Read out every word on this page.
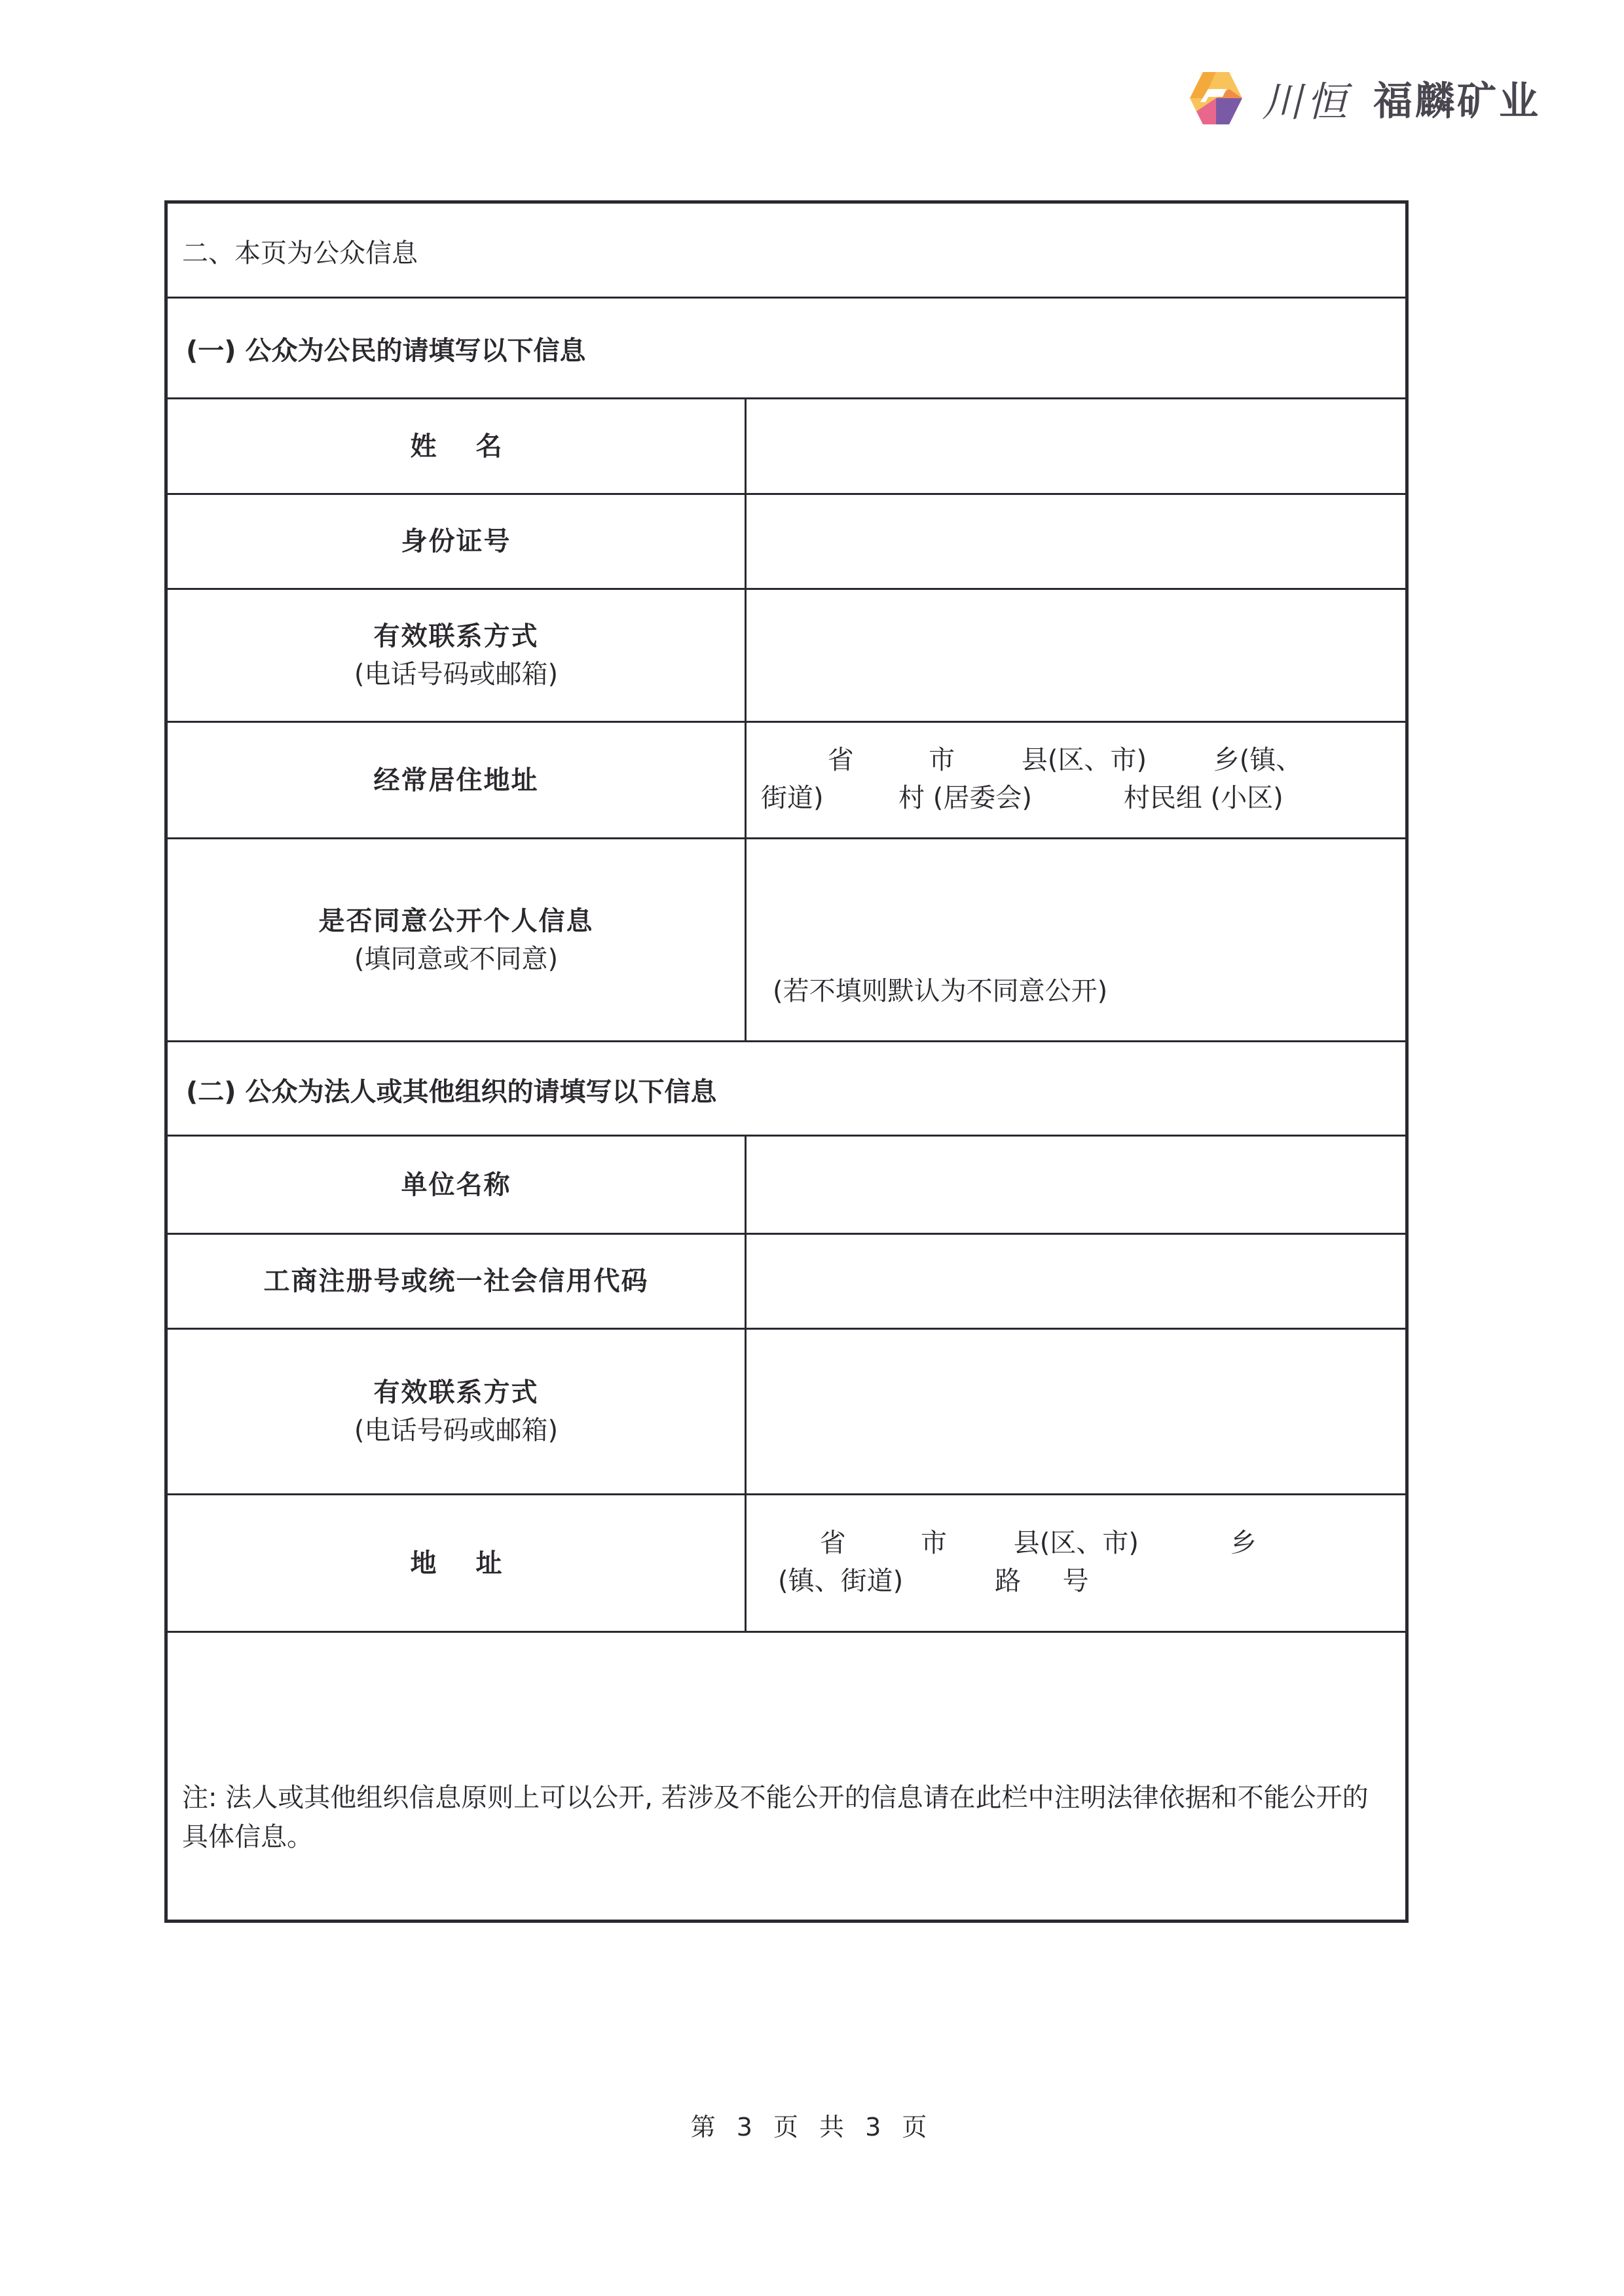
川恒 福麟矿业
二、本页为公众信息
(一) 公众为公民的请填写以下信息
姓名
身份证号
有效联系方式
(电话号码或邮箱)
经常居住地址
省         市        县(区、市)        乡(镇、
街道)         村 (居委会)           村民组 (小区)
是否同意公开个人信息
(填同意或不同意)
(若不填则默认为不同意公开)
(二) 公众为法人或其他组织的请填写以下信息
单位名称
工商注册号或统一社会信用代码
有效联系方式
(电话号码或邮箱)
地址
省         市        县(区、市)           乡
(镇、街道)           路     号
注: 法人或其他组织信息原则上可以公开, 若涉及不能公开的信息请在此栏中注明法律依据和不能公开的具体信息。
第 3 页 共 3 页
